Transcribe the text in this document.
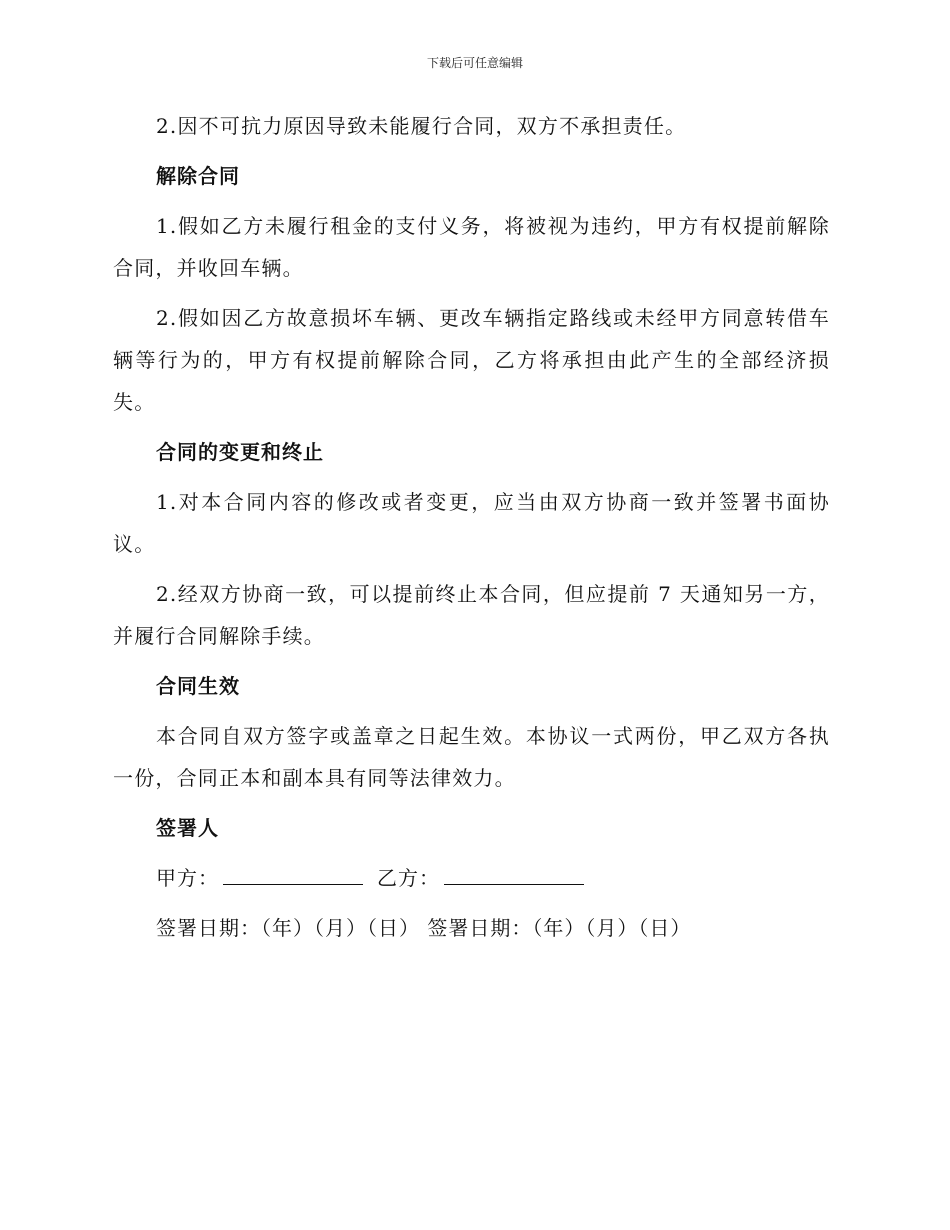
下载后可任意编辑

2.因不可抗力原因导致未能履行合同，双方不承担责任。

解除合同

1.假如乙方未履行租金的支付义务，将被视为违约，甲方有权提前解除合同，并收回车辆。

2.假如因乙方故意损坏车辆、更改车辆指定路线或未经甲方同意转借车辆等行为的，甲方有权提前解除合同，乙方将承担由此产生的全部经济损失。

合同的变更和终止

1.对本合同内容的修改或者变更，应当由双方协商一致并签署书面协议。

2.经双方协商一致，可以提前终止本合同，但应提前 7 天通知另一方，并履行合同解除手续。

合同生效

本合同自双方签字或盖章之日起生效。本协议一式两份，甲乙双方各执一份，合同正本和副本具有同等法律效力。

签署人

甲方：	乙方：
签署日期：（年）（月）（日） 签署日期：（年）（月）（日）
